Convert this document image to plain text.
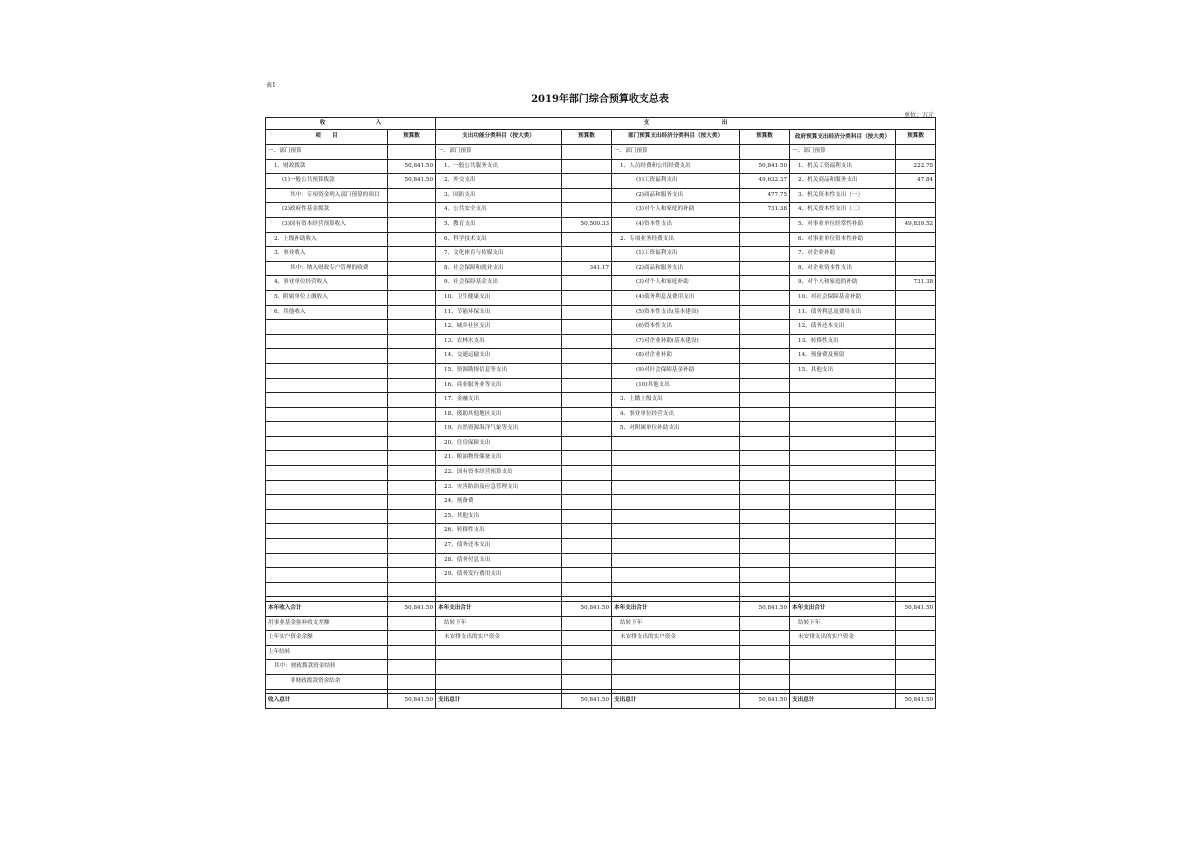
表1
2019年部门综合预算收支总表
单位：万元
收　　　　　　　　　入		支　　　　　　　　　　　　　出					
项　　目	预算数	支出功能分类科目（按大类）	预算数	部门预算支出经济分类科目（按大类）	预算数	政府预算支出经济分类科目（按大类）	预算数
一、部门预算		一、部门预算		一、部门预算		一、部门预算	
1、财政拨款	50,841.50	1、一般公共服务支出		1、人员经费和公用经费支出	50,841.50	1、机关工资福利支出	222.75
(1)一般公共预算拨款	50,841.50	2、外交支出		(1)工资福利支出	49,632.37	2、机关商品和服务支出	47.84
其中：专项资金列入部门预算的项目		3、国防支出		(2)商品和服务支出	477.75	3、机关资本性支出（一）	
(2)政府性基金拨款		4、公共安全支出		(3)对个人和家庭的补助	731.38	4、机关资本性支出（二）	
(3)国有资本经营预算收入		5、教育支出	50,500.33	(4)资本性支出		5、对事业单位经常性补助	49,839.52
2、上级补助收入		6、科学技术支出		2、专项业务经费支出		6、对事业单位资本性补助	
3、事业收入		7、文化体育与传媒支出		(1)工资福利支出		7、对企业补助	
其中：纳入财政专户管理的收费		8、社会保障和就业支出	341.17	(2)商品和服务支出		8、对企业资本性支出	
4、事业单位经营收入		9、社会保险基金支出		(3)对个人和家庭补助		9、对个人和家庭的补助	731.38
5、附属单位上缴收入		10、卫生健康支出		(4)债务利息及费用支出		10、对社会保障基金补助	
6、其他收入		11、节能环保支出		(5)资本性支出(基本建设)		11、债务利息及费用支出	
		12、城乡社区支出		(6)资本性支出		12、债务还本支出	
		13、农林水支出		(7)对企业补助(基本建设)		13、转移性支出	
		14、交通运输支出		(8)对企业补助		14、预备费及预留	
		15、资源勘探信息等支出		(9)对社会保障基金补助		15、其他支出	
		16、商业服务业等支出		(10)其他支出			
		17、金融支出		3、上缴上级支出			
		18、援助其他地区支出		4、事业单位经营支出			
		19、自然资源海洋气象等支出		5、对附属单位补助支出			
		20、住房保障支出					
		21、粮油物资储备支出					
		22、国有资本经营预算支出					
		23、灾害防治及应急管理支出					
		24、预备费					
		25、其他支出					
		26、转移性支出					
		27、债务还本支出					
		28、债务付息支出					
		29、债务发行费用支出					

本年收入合计	50,841.50	本年支出合计	50,841.50	本年支出合计	50,841.50	本年支出合计	50,841.50
用事业基金弥补收支差额		结转下年		结转下年		结转下年	
上年实户资金余额		未安排支出的实户资金		未安排支出的实户资金		未安排支出的实户资金	
上年结转							
其中：财政拨款资金结转							
非财政拨款资金结余							

收入总计	50,841.50	支出总计	50,841.50	支出总计	50,841.50	支出总计	50,841.50
